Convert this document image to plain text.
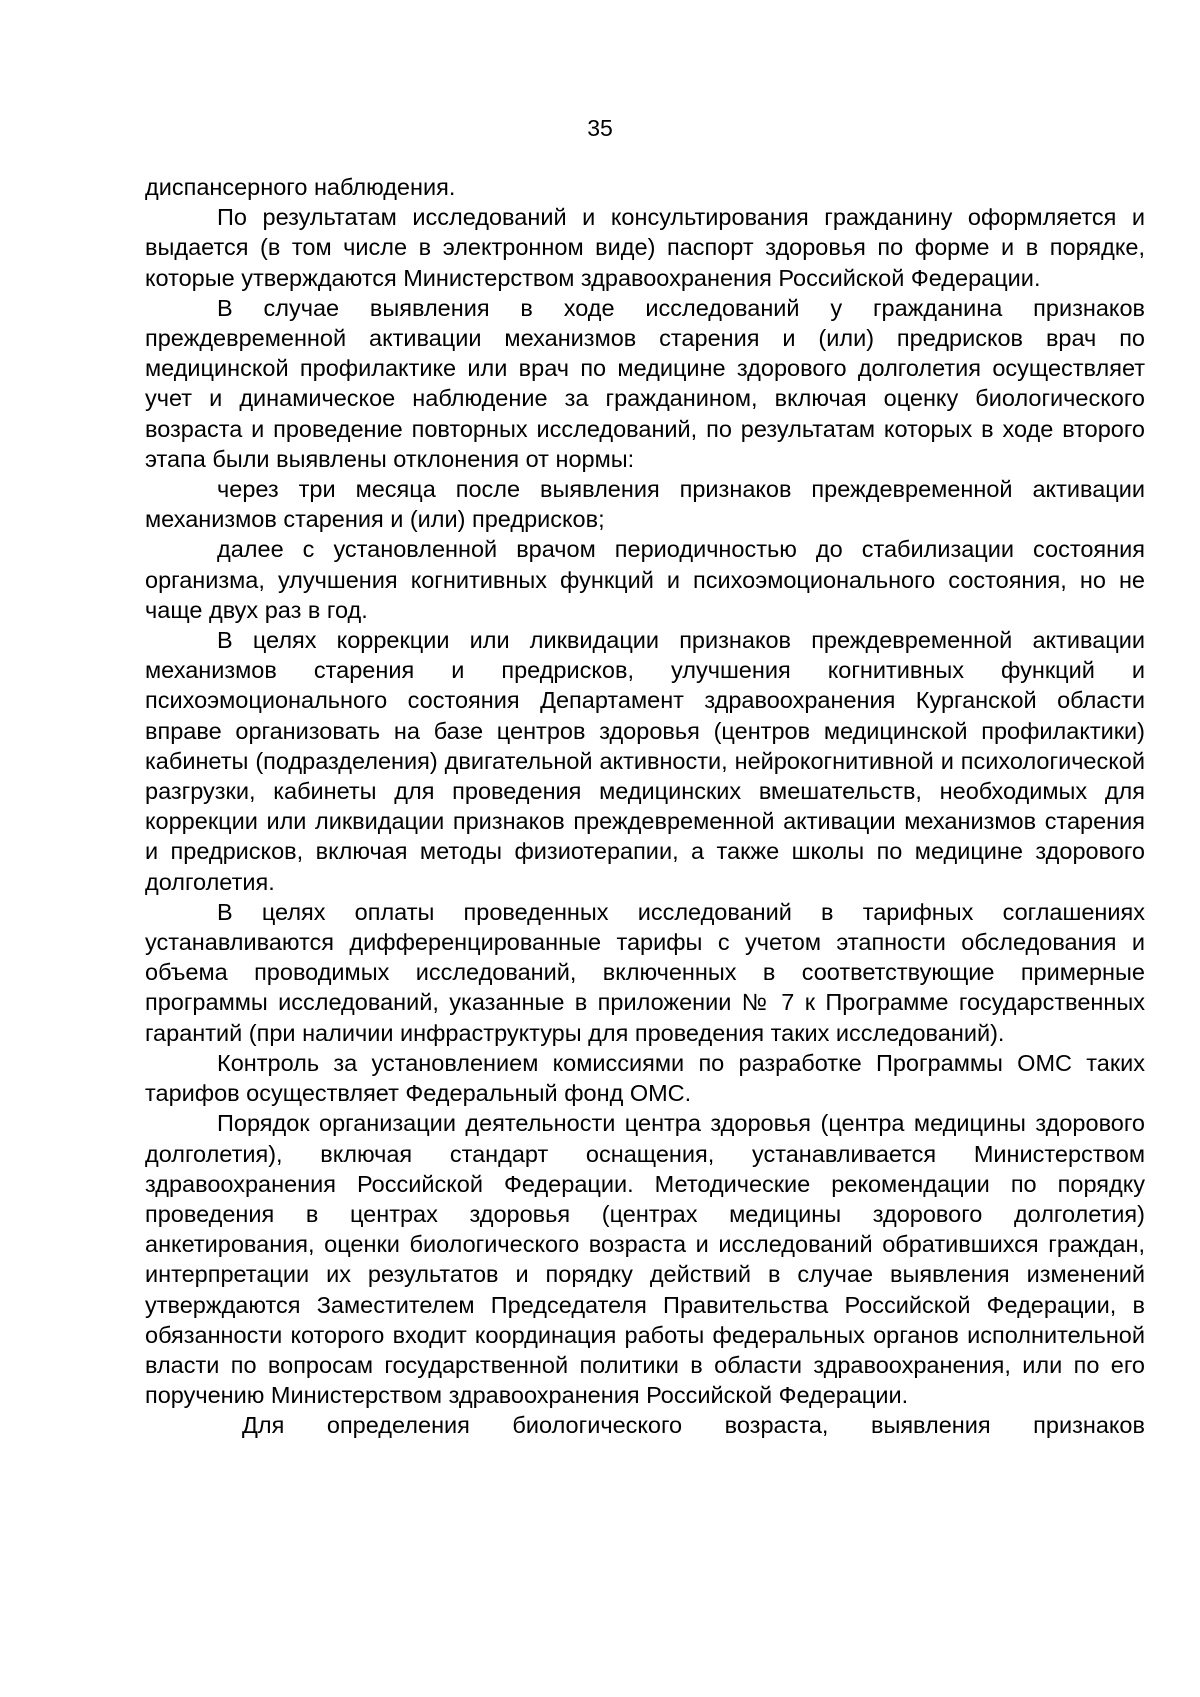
35

диспансерного наблюдения.

По результатам исследований и консультирования гражданину оформляется и выдается (в том числе в электронном виде) паспорт здоровья по форме и в порядке, которые утверждаются Министерством здравоохранения Российской Федерации.

В случае выявления в ходе исследований у гражданина признаков преждевременной активации механизмов старения и (или) предрисков врач по медицинской профилактике или врач по медицине здорового долголетия осуществляет учет и динамическое наблюдение за гражданином, включая оценку биологического возраста и проведение повторных исследований, по результатам которых в ходе второго этапа были выявлены отклонения от нормы:

через три месяца после выявления признаков преждевременной активации механизмов старения и (или) предрисков;

далее с установленной врачом периодичностью до стабилизации состояния организма, улучшения когнитивных функций и психоэмоционального состояния, но не чаще двух раз в год.

В целях коррекции или ликвидации признаков преждевременной активации механизмов старения и предрисков, улучшения когнитивных функций и психоэмоционального состояния Департамент здравоохранения Курганской области вправе организовать на базе центров здоровья (центров медицинской профилактики) кабинеты (подразделения) двигательной активности, нейрокогнитивной и психологической разгрузки, кабинеты для проведения медицинских вмешательств, необходимых для коррекции или ликвидации признаков преждевременной активации механизмов старения и предрисков, включая методы физиотерапии, а также школы по медицине здорового долголетия.

В целях оплаты проведенных исследований в тарифных соглашениях устанавливаются дифференцированные тарифы с учетом этапности обследования и объема проводимых исследований, включенных в соответствующие примерные программы исследований, указанные в приложении № 7 к Программе государственных гарантий (при наличии инфраструктуры для проведения таких исследований).

Контроль за установлением комиссиями по разработке Программы ОМС таких тарифов осуществляет Федеральный фонд ОМС.

Порядок организации деятельности центра здоровья (центра медицины здорового долголетия), включая стандарт оснащения, устанавливается Министерством здравоохранения Российской Федерации. Методические рекомендации по порядку проведения в центрах здоровья (центрах медицины здорового долголетия) анкетирования, оценки биологического возраста и исследований обратившихся граждан, интерпретации их результатов и порядку действий в случае выявления изменений утверждаются Заместителем Председателя Правительства Российской Федерации, в обязанности которого входит координация работы федеральных органов исполнительной власти по вопросам государственной политики в области здравоохранения, или по его поручению Министерством здравоохранения Российской Федерации.

Для определения биологического возраста, выявления признаков
